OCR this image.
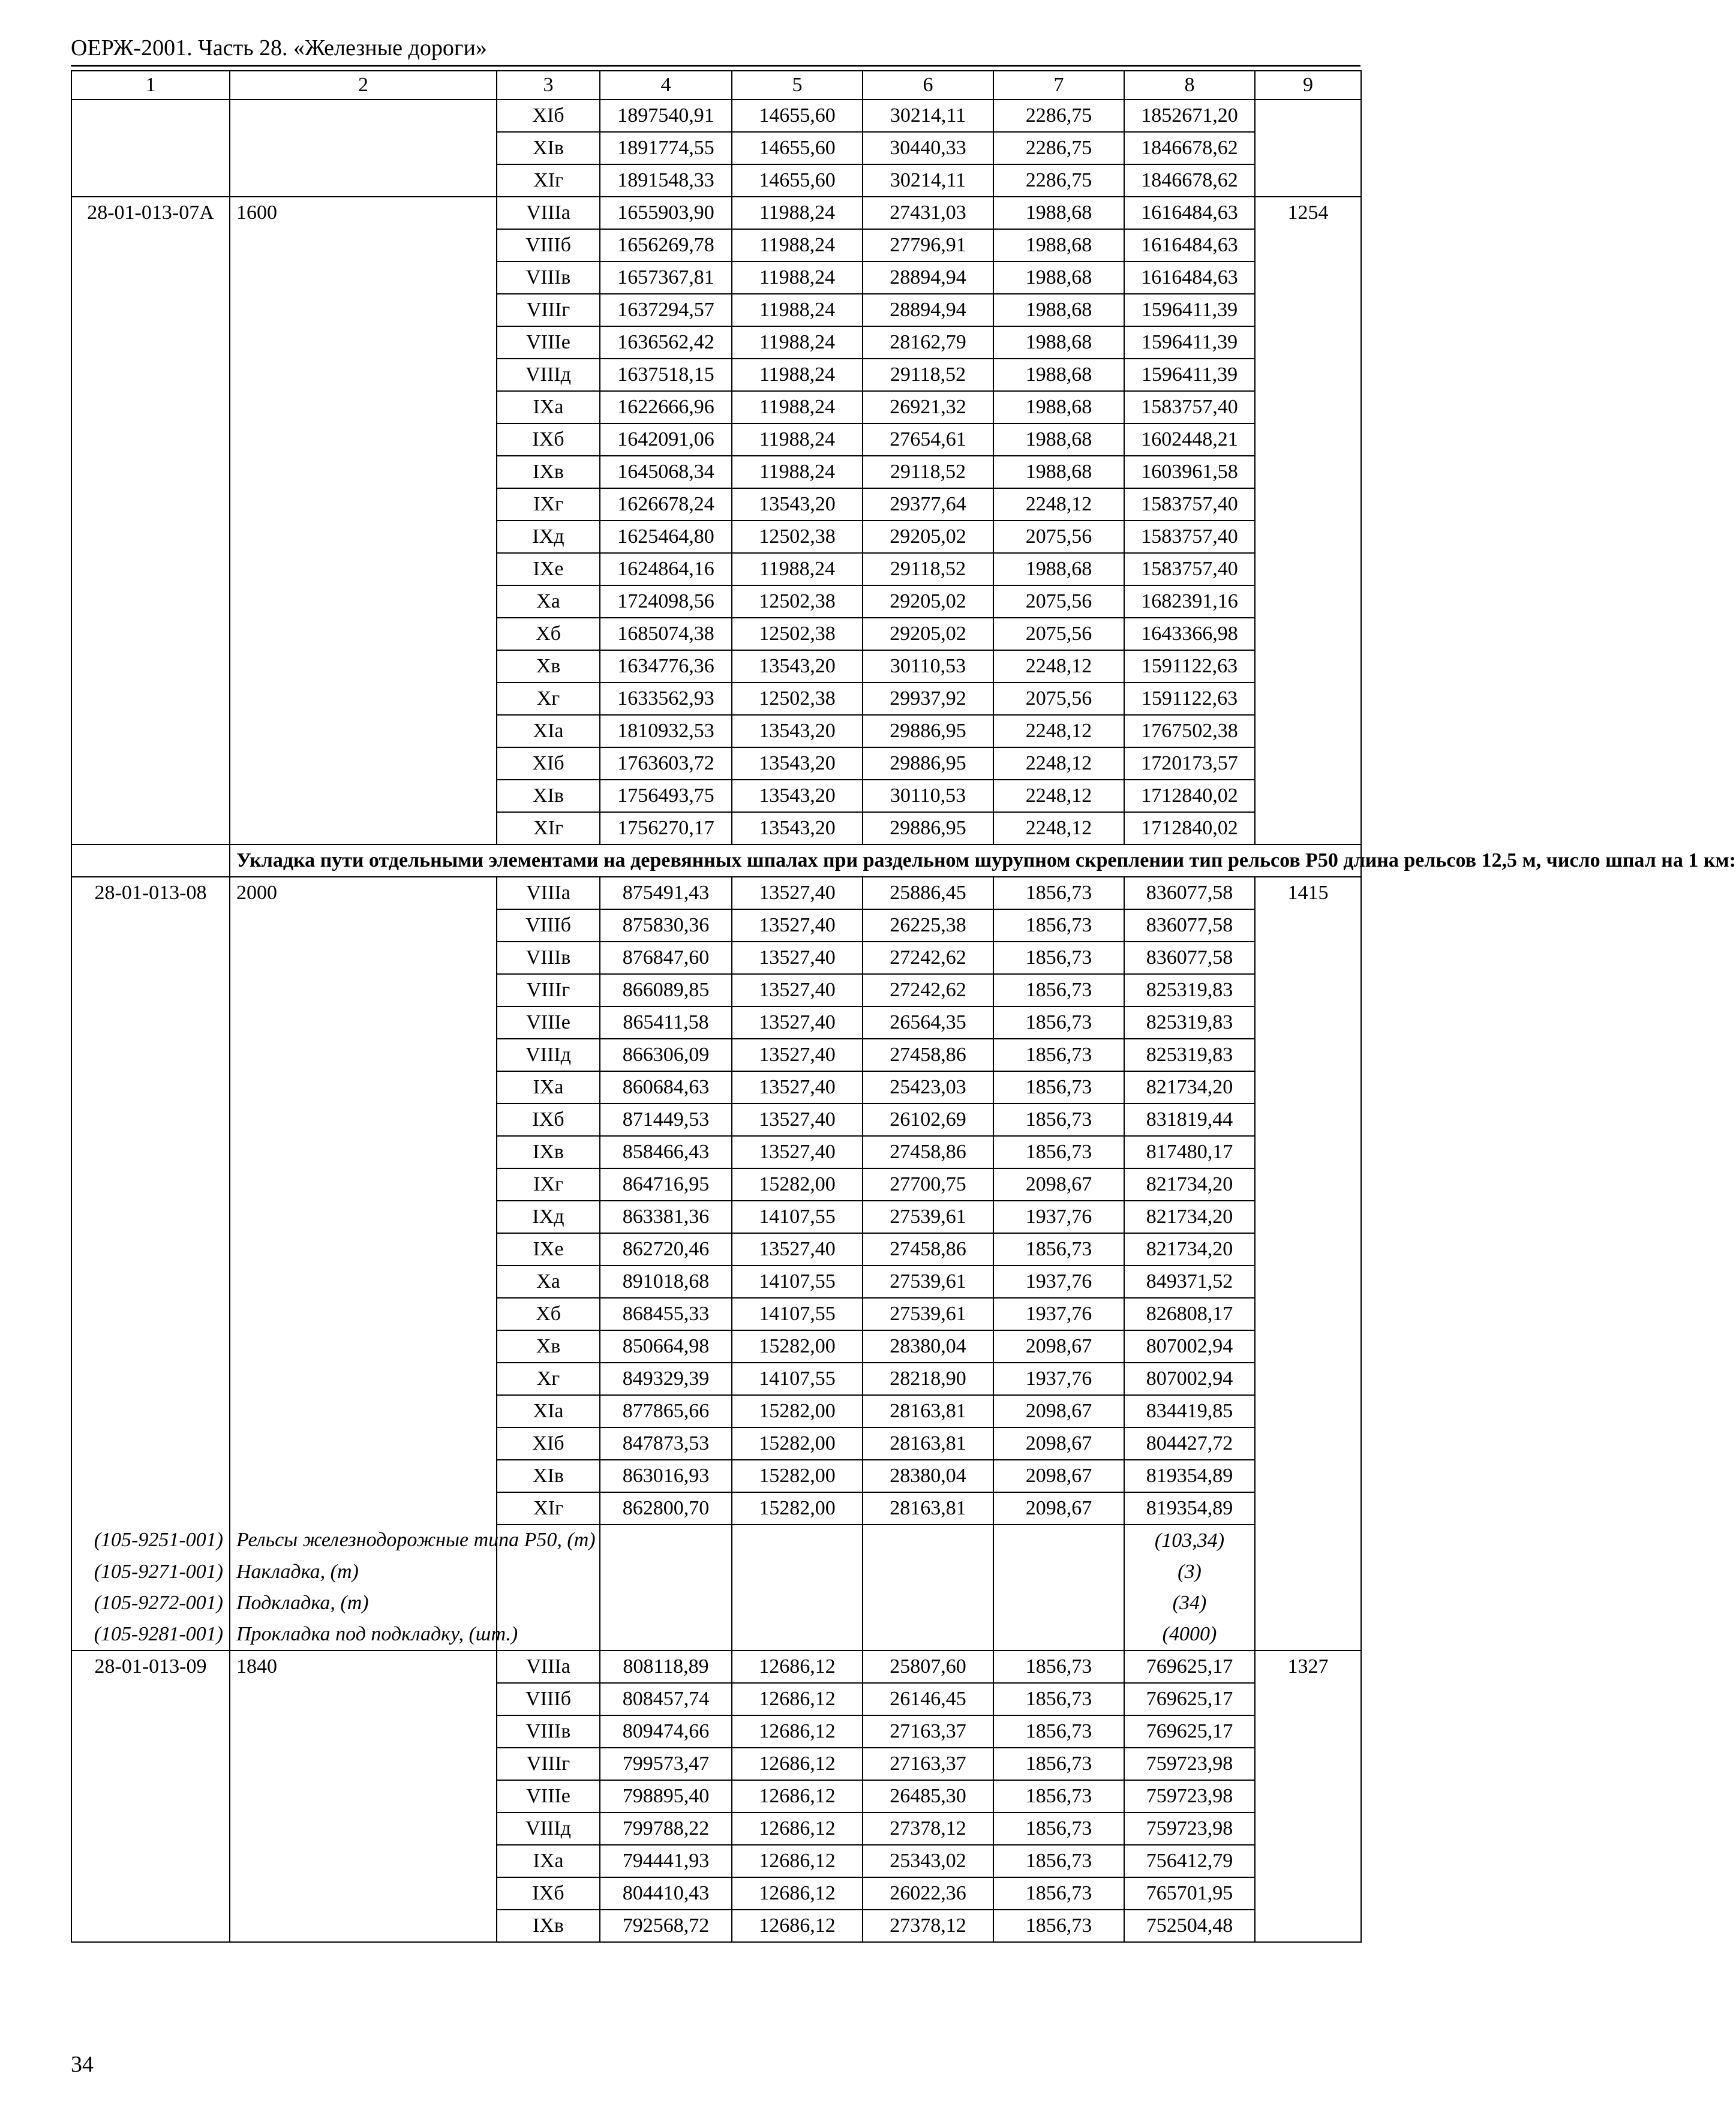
ОЕРЖ-2001. Часть 28. «Железные дороги»
1	2	3	4	5	6	7	8	9
		XIб	1897540,91	14655,60	30214,11	2286,75	1852671,20	
		XIв	1891774,55	14655,60	30440,33	2286,75	1846678,62	
		XIг	1891548,33	14655,60	30214,11	2286,75	1846678,62	
28-01-013-07А	1600	VIIIа	1655903,90	11988,24	27431,03	1988,68	1616484,63	1254
		VIIIб	1656269,78	11988,24	27796,91	1988,68	1616484,63	
		VIIIв	1657367,81	11988,24	28894,94	1988,68	1616484,63	
		VIIIг	1637294,57	11988,24	28894,94	1988,68	1596411,39	
		VIIIе	1636562,42	11988,24	28162,79	1988,68	1596411,39	
		VIIIд	1637518,15	11988,24	29118,52	1988,68	1596411,39	
		IXа	1622666,96	11988,24	26921,32	1988,68	1583757,40	
		IXб	1642091,06	11988,24	27654,61	1988,68	1602448,21	
		IXв	1645068,34	11988,24	29118,52	1988,68	1603961,58	
		IXг	1626678,24	13543,20	29377,64	2248,12	1583757,40	
		IXд	1625464,80	12502,38	29205,02	2075,56	1583757,40	
		IXе	1624864,16	11988,24	29118,52	1988,68	1583757,40	
		Xа	1724098,56	12502,38	29205,02	2075,56	1682391,16	
		Xб	1685074,38	12502,38	29205,02	2075,56	1643366,98	
		Xв	1634776,36	13543,20	30110,53	2248,12	1591122,63	
		Xг	1633562,93	12502,38	29937,92	2075,56	1591122,63	
		XIа	1810932,53	13543,20	29886,95	2248,12	1767502,38	
		XIб	1763603,72	13543,20	29886,95	2248,12	1720173,57	
		XIв	1756493,75	13543,20	30110,53	2248,12	1712840,02	
		XIг	1756270,17	13543,20	29886,95	2248,12	1712840,02	
	Укладка пути отдельными элементами на деревянных шпалах при раздельном шурупном скреплении тип рельсов Р50 длина рельсов 12,5 м, число шпал на 1 км:							
28-01-013-08	2000	VIIIа	875491,43	13527,40	25886,45	1856,73	836077,58	1415
		VIIIб	875830,36	13527,40	26225,38	1856,73	836077,58	
		VIIIв	876847,60	13527,40	27242,62	1856,73	836077,58	
		VIIIг	866089,85	13527,40	27242,62	1856,73	825319,83	
		VIIIе	865411,58	13527,40	26564,35	1856,73	825319,83	
		VIIIд	866306,09	13527,40	27458,86	1856,73	825319,83	
		IXа	860684,63	13527,40	25423,03	1856,73	821734,20	
		IXб	871449,53	13527,40	26102,69	1856,73	831819,44	
		IXв	858466,43	13527,40	27458,86	1856,73	817480,17	
		IXг	864716,95	15282,00	27700,75	2098,67	821734,20	
		IXд	863381,36	14107,55	27539,61	1937,76	821734,20	
		IXе	862720,46	13527,40	27458,86	1856,73	821734,20	
		Xа	891018,68	14107,55	27539,61	1937,76	849371,52	
		Xб	868455,33	14107,55	27539,61	1937,76	826808,17	
		Xв	850664,98	15282,00	28380,04	2098,67	807002,94	
		Xг	849329,39	14107,55	28218,90	1937,76	807002,94	
		XIа	877865,66	15282,00	28163,81	2098,67	834419,85	
		XIб	847873,53	15282,00	28163,81	2098,67	804427,72	
		XIв	863016,93	15282,00	28380,04	2098,67	819354,89	
		XIг	862800,70	15282,00	28163,81	2098,67	819354,89	
(105-9251-001)	Рельсы железнодорожные типа Р50, (т)						(103,34)	
(105-9271-001)	Накладка, (т)						(3)	
(105-9272-001)	Подкладка, (т)						(34)	
(105-9281-001)	Прокладка под подкладку, (шт.)						(4000)	
28-01-013-09	1840	VIIIа	808118,89	12686,12	25807,60	1856,73	769625,17	1327
		VIIIб	808457,74	12686,12	26146,45	1856,73	769625,17	
		VIIIв	809474,66	12686,12	27163,37	1856,73	769625,17	
		VIIIг	799573,47	12686,12	27163,37	1856,73	759723,98	
		VIIIе	798895,40	12686,12	26485,30	1856,73	759723,98	
		VIIIд	799788,22	12686,12	27378,12	1856,73	759723,98	
		IXа	794441,93	12686,12	25343,02	1856,73	756412,79	
		IXб	804410,43	12686,12	26022,36	1856,73	765701,95	
		IXв	792568,72	12686,12	27378,12	1856,73	752504,48	
34
